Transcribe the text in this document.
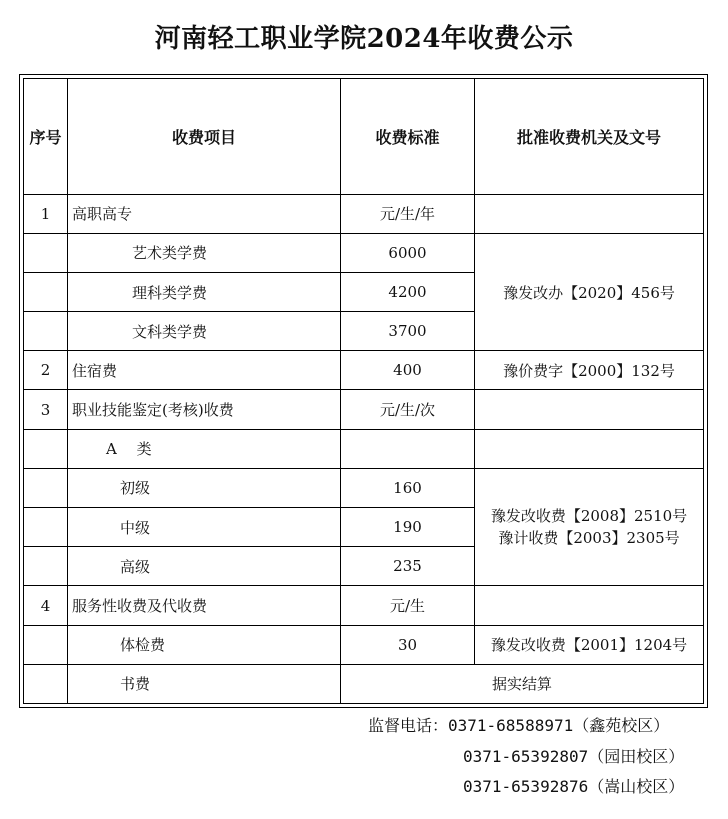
河南轻工职业学院2024年收费公示
序号	收费项目	收费标准	批准收费机关及文号
1	高职高专	元/生/年	
	艺术类学费	6000	豫发改办【2020】456号
	理科类学费	4200	
	文科类学费	3700	
2	住宿费	400	豫价费字【2000】132号
3	职业技能鉴定(考核)收费	元/生/次	
	A　 类		
	初级	160	豫发改收费【2008】2510号
豫计收费【2003】2305号

	中级	190	
	高级	235	
4	服务性收费及代收费	元/生	
	体检费	30	豫发改收费【2001】1204号
	书费	据实结算	
监督电话：0371-68588971（鑫苑校区）
0371-65392807（园田校区）
0371-65392876（嵩山校区）
